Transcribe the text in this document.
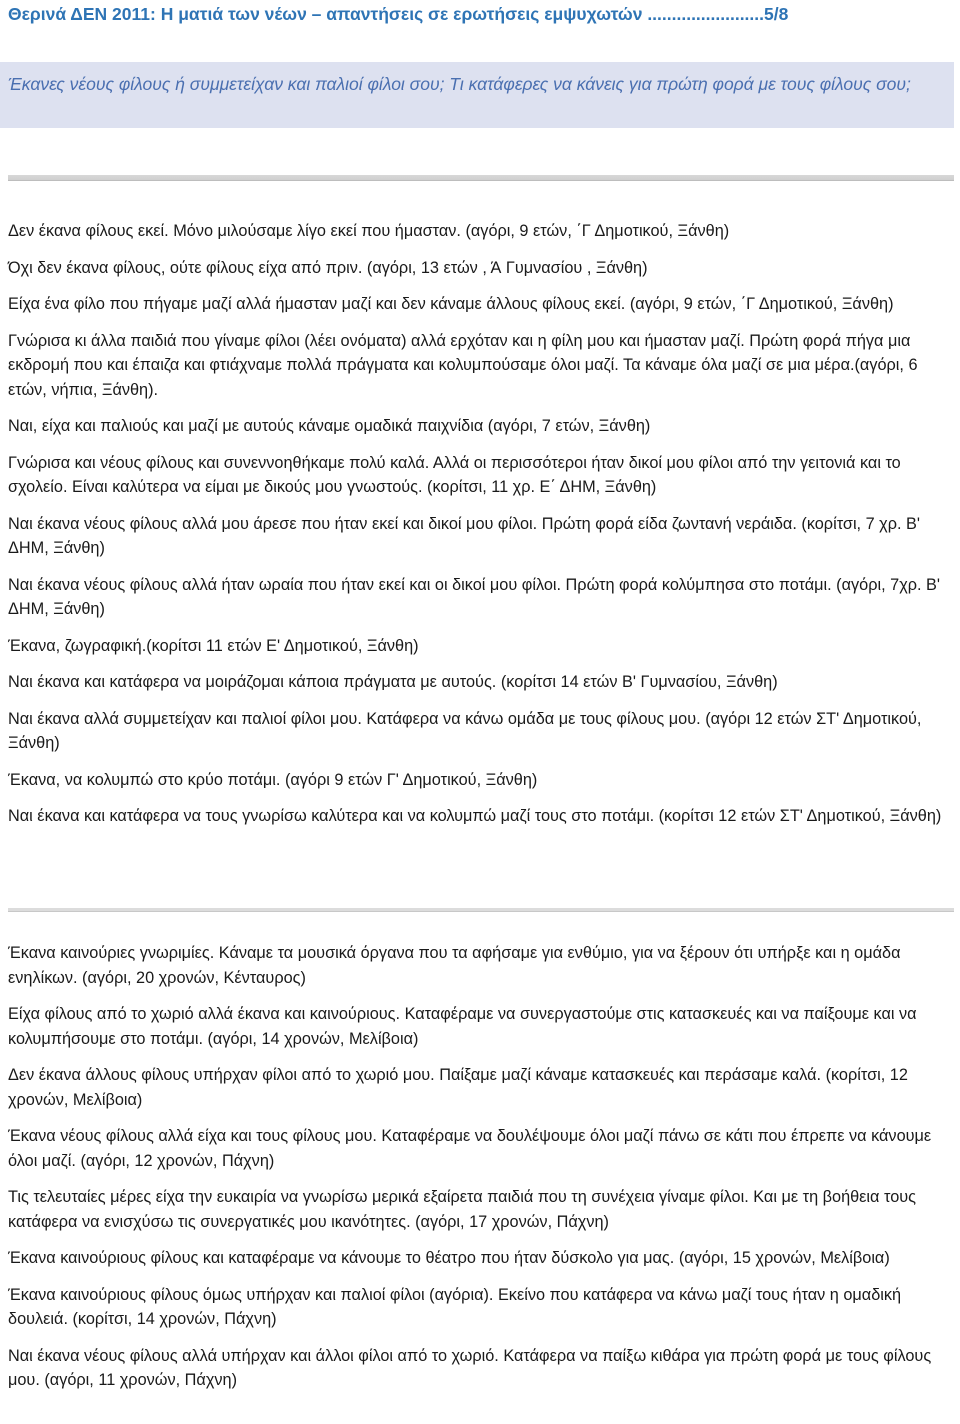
Θερινά ΔΕΝ 2011: Η ματιά των νέων – απαντήσεις σε ερωτήσεις εμψυχωτών ........................5/8
Έκανες νέους φίλους ή συμμετείχαν και παλιοί φίλοι σου; Τι κατάφερες να κάνεις για πρώτη φορά με τους φίλους σου;

Δεν έκανα φίλους εκεί. Μόνο μιλούσαμε λίγο εκεί που ήμασταν. (αγόρι, 9 ετών, ΄Γ Δημοτικού, Ξάνθη)

Όχι δεν έκανα φίλους, ούτε φίλους είχα από πριν. (αγόρι, 13 ετών , Ά Γυμνασίου , Ξάνθη)

Είχα ένα φίλο που πήγαμε μαζί αλλά ήμασταν μαζί και δεν κάναμε άλλους φίλους εκεί. (αγόρι, 9 ετών, ΄Γ Δημοτικού, Ξάνθη)

Γνώρισα κι άλλα παιδιά που γίναμε φίλοι (λέει ονόματα) αλλά ερχόταν και η φίλη μου και ήμασταν μαζί. Πρώτη φορά πήγα μια εκδρομή που και έπαιζα και φτιάχναμε πολλά πράγματα και κολυμπούσαμε όλοι μαζί. Τα κάναμε όλα μαζί σε μια μέρα.(αγόρι, 6 ετών, νήπια, Ξάνθη).

Ναι, είχα και παλιούς και μαζί με αυτούς κάναμε ομαδικά παιχνίδια (αγόρι, 7 ετών, Ξάνθη)

Γνώρισα και νέους φίλους και συνεννοηθήκαμε πολύ καλά. Αλλά οι περισσότεροι ήταν δικοί μου φίλοι από την γειτονιά και το σχολείο. Είναι καλύτερα να είμαι με δικούς μου γνωστούς. (κορίτσι, 11 χρ. Ε΄ ΔΗΜ, Ξάνθη)

Ναι έκανα νέους φίλους αλλά μου άρεσε που ήταν εκεί και δικοί μου φίλοι. Πρώτη φορά είδα ζωντανή νεράιδα. (κορίτσι, 7 χρ. Β' ΔΗΜ, Ξάνθη)

Ναι έκανα νέους φίλους αλλά ήταν ωραία που ήταν εκεί και οι δικοί μου φίλοι. Πρώτη φορά κολύμπησα στο ποτάμι. (αγόρι, 7χρ. Β' ΔΗΜ, Ξάνθη)

Έκανα, ζωγραφική.(κορίτσι 11 ετών Ε' Δημοτικού, Ξάνθη)

Ναι έκανα και κατάφερα να μοιράζομαι κάποια πράγματα με αυτούς. (κορίτσι 14 ετών Β' Γυμνασίου, Ξάνθη)

Ναι έκανα αλλά συμμετείχαν και παλιοί φίλοι μου. Κατάφερα να κάνω ομάδα με τους φίλους μου. (αγόρι 12 ετών ΣΤ' Δημοτικού, Ξάνθη)

Έκανα, να κολυμπώ στο κρύο ποτάμι. (αγόρι 9 ετών Γ' Δημοτικού, Ξάνθη)

Ναι έκανα και κατάφερα να τους γνωρίσω καλύτερα και να κολυμπώ μαζί τους στο ποτάμι. (κορίτσι 12 ετών ΣΤ' Δημοτικού, Ξάνθη)

Έκανα καινούριες γνωριμίες. Κάναμε τα μουσικά όργανα που τα αφήσαμε για ενθύμιο, για να ξέρουν ότι υπήρξε και η ομάδα ενηλίκων. (αγόρι, 20 χρονών, Κένταυρος)

Είχα φίλους από το χωριό αλλά έκανα και καινούριους. Καταφέραμε να συνεργαστούμε στις κατασκευές και να παίξουμε και να κολυμπήσουμε στο ποτάμι. (αγόρι, 14 χρονών, Μελίβοια)

Δεν έκανα άλλους φίλους υπήρχαν φίλοι από το χωριό μου. Παίξαμε μαζί κάναμε κατασκευές και περάσαμε καλά. (κορίτσι, 12 χρονών, Μελίβοια)

Έκανα νέους φίλους αλλά είχα και τους φίλους μου. Καταφέραμε να δουλέψουμε όλοι μαζί πάνω σε κάτι που έπρεπε να κάνουμε όλοι μαζί. (αγόρι, 12 χρονών, Πάχνη)

Τις τελευταίες μέρες είχα την ευκαιρία να γνωρίσω μερικά εξαίρετα παιδιά που τη συνέχεια γίναμε φίλοι. Και με τη βοήθεια τους κατάφερα να ενισχύσω τις συνεργατικές μου ικανότητες. (αγόρι, 17 χρονών, Πάχνη)

Έκανα καινούριους φίλους και καταφέραμε να κάνουμε το θέατρο που ήταν δύσκολο για μας. (αγόρι, 15 χρονών, Μελίβοια)

Έκανα καινούριους φίλους όμως υπήρχαν και παλιοί φίλοι (αγόρια). Εκείνο που κατάφερα να κάνω μαζί τους ήταν η ομαδική δουλειά. (κορίτσι, 14 χρονών, Πάχνη)

Ναι έκανα νέους φίλους αλλά υπήρχαν και άλλοι φίλοι από το χωριό. Κατάφερα να παίξω κιθάρα για πρώτη φορά με τους φίλους μου. (αγόρι, 11 χρονών, Πάχνη)
